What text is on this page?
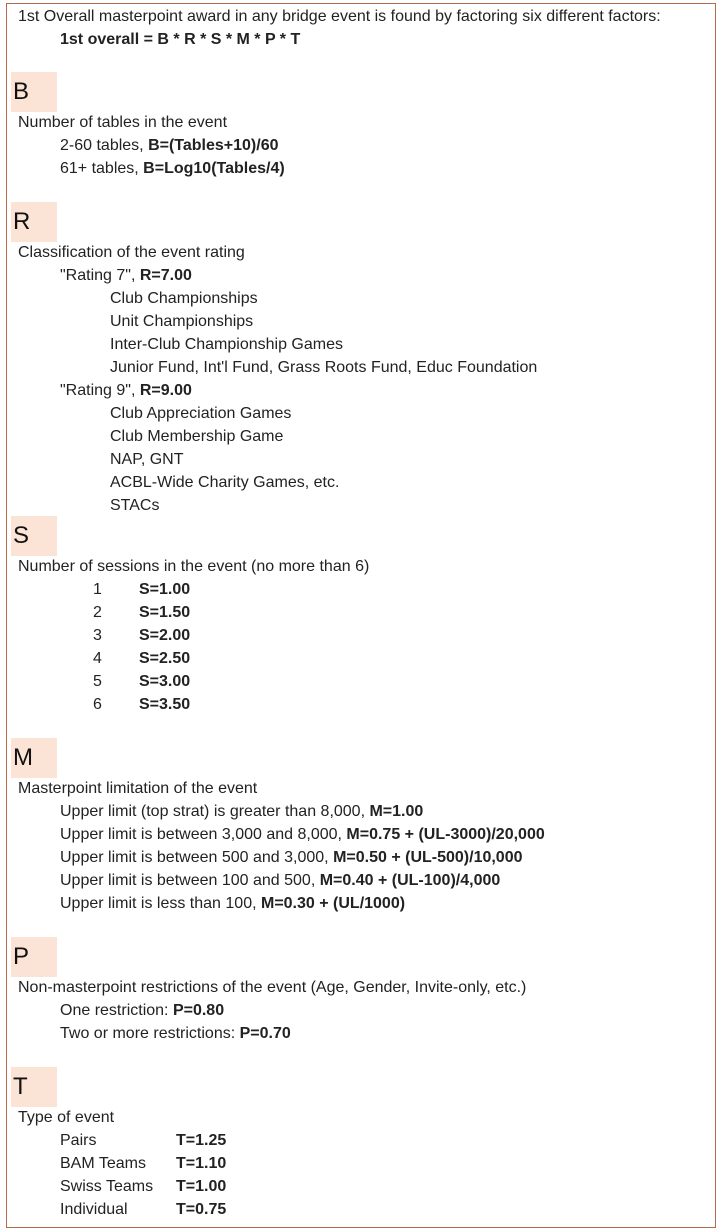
1st Overall masterpoint award in any bridge event is found by factoring six different factors:
1st overall = B * R * S * M * P * T
B
Number of tables in the event
2-60 tables, B=(Tables+10)/60
61+ tables, B=Log10(Tables/4)
R
Classification of the event rating
"Rating 7", R=7.00
Club Championships
Unit Championships
Inter-Club Championship Games
Junior Fund, Int'l Fund, Grass Roots Fund, Educ Foundation
"Rating 9", R=9.00
Club Appreciation Games
Club Membership Game
NAP, GNT
ACBL-Wide Charity Games, etc.
STACs
S
Number of sessions in the event (no more than 6)
1 S=1.00
2 S=1.50
3 S=2.00
4 S=2.50
5 S=3.00
6 S=3.50
M
Masterpoint limitation of the event
Upper limit (top strat) is greater than 8,000, M=1.00
Upper limit is between 3,000 and 8,000, M=0.75 + (UL-3000)/20,000
Upper limit is between 500 and 3,000, M=0.50 + (UL-500)/10,000
Upper limit is between 100 and 500, M=0.40 + (UL-100)/4,000
Upper limit is less than 100, M=0.30 + (UL/1000)
P
Non-masterpoint restrictions of the event (Age, Gender, Invite-only, etc.)
One restriction: P=0.80
Two or more restrictions: P=0.70
T
Type of event
Pairs	T=1.25
BAM Teams T=1.10
Swiss Teams T=1.00
Individual	T=0.75
